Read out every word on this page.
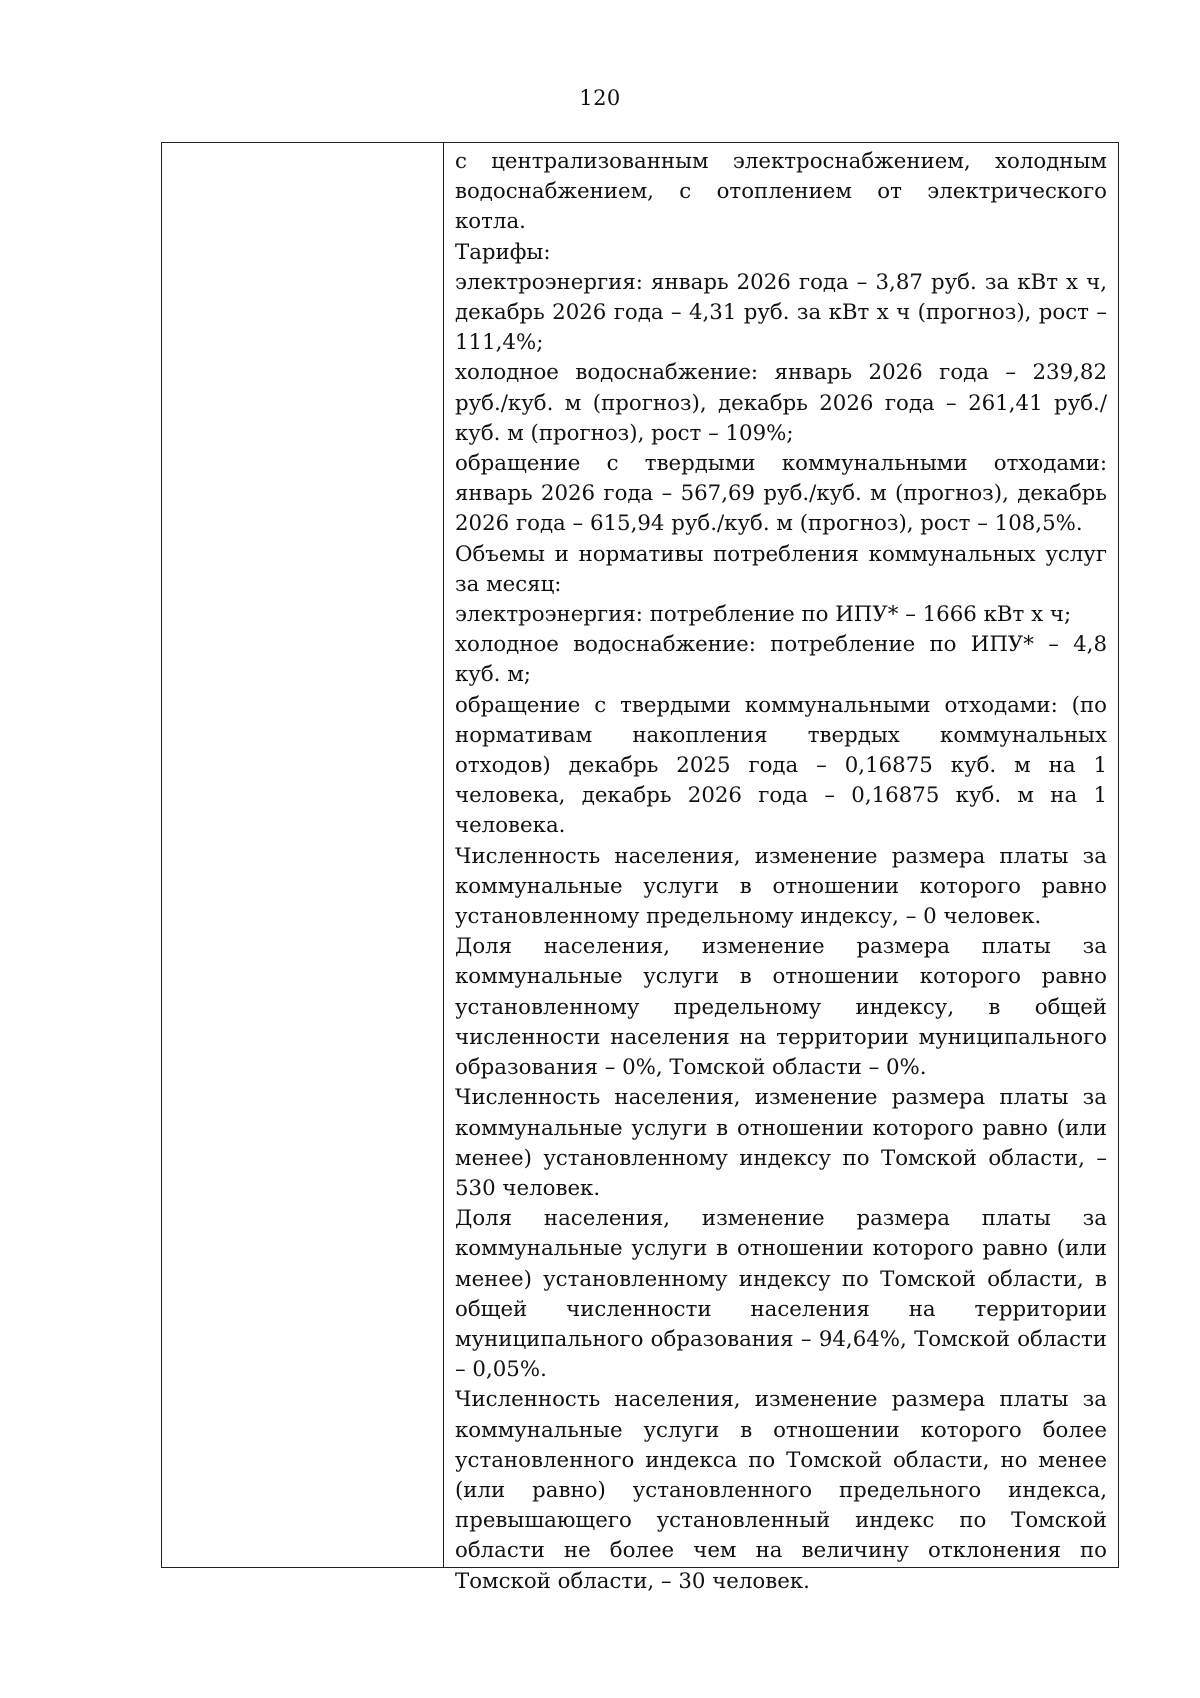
120

с централизованным электроснабжением, холодным водоснабжением, с отоплением от электрического котла.

Тарифы:

электроэнергия: январь 2026 года – 3,87 руб. за кВт х ч, декабрь 2026 года – 4,31 руб. за кВт х ч (прогноз), рост – 111,4%;

холодное водоснабжение: январь 2026 года – 239,82 руб./куб. м (прогноз), декабрь 2026 года – 261,41 руб./куб. м (прогноз), рост – 109%;

обращение с твердыми коммунальными отходами: январь 2026 года – 567,69 руб./куб. м (прогноз), декабрь 2026 года – 615,94 руб./куб. м (прогноз), рост – 108,5%.

Объемы и нормативы потребления коммунальных услуг за месяц:

электроэнергия: потребление по ИПУ* – 1666 кВт х ч;

холодное водоснабжение: потребление по ИПУ* – 4,8 куб. м;

обращение с твердыми коммунальными отходами: (по нормативам накопления твердых коммунальных отходов) декабрь 2025 года – 0,16875 куб. м на 1 человека, декабрь 2026 года – 0,16875 куб. м на 1 человека.

Численность населения, изменение размера платы за коммунальные услуги в отношении которого равно установленному предельному индексу, – 0 человек.

Доля населения, изменение размера платы за коммунальные услуги в отношении которого равно установленному предельному индексу, в общей численности населения на территории муниципального образования – 0%, Томской области – 0%.

Численность населения, изменение размера платы за коммунальные услуги в отношении которого равно (или менее) установленному индексу по Томской области, – 530 человек.

Доля населения, изменение размера платы за коммунальные услуги в отношении которого равно (или менее) установленному индексу по Томской области, в общей численности населения на территории муниципального образования – 94,64%, Томской области – 0,05%.

Численность населения, изменение размера платы за коммунальные услуги в отношении которого более установленного индекса по Томской области, но менее (или равно) установленного предельного индекса, превышающего установленный индекс по Томской области не более чем на величину отклонения по Томской области, – 30 человек.
